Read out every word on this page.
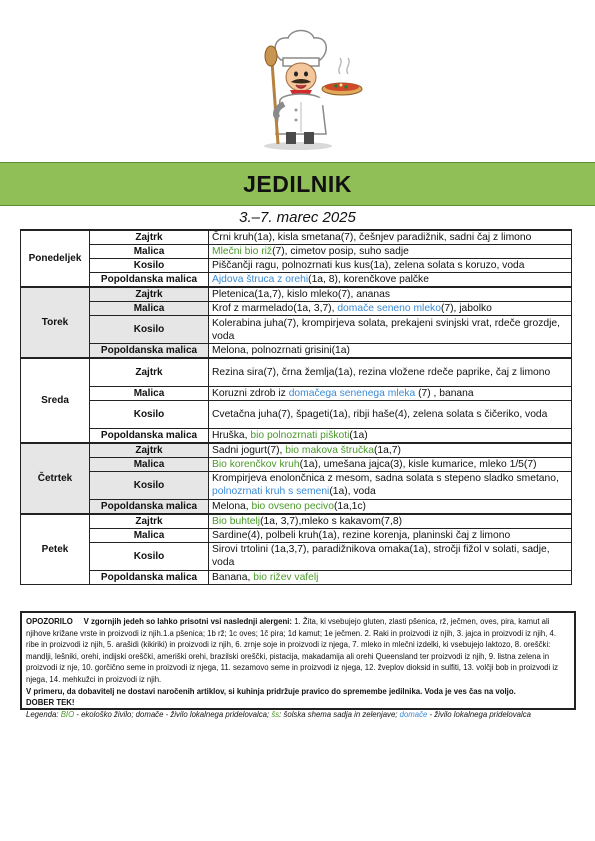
JEDILNIK
3.–7. marec 2025
Ponedeljek	Zajtrk	Črni kruh(1a), kisla smetana(7), češnjev paradižnik, sadni čaj z limono
	Malica	Mlečni bio riž(7), cimetov posip, suho sadje
	Kosilo	Piščančji ragu, polnozrnati kus kus(1a), zelena solata s koruzo, voda
	Popoldanska malica	Ajdova štruca z orehi(1a, 8), korenčkove palčke
Torek	Zajtrk	Pletenica(1a,7), kislo mleko(7), ananas
	Malica	Krof z marmelado(1a, 3,7), domače seneno mleko(7), jabolko
	Kosilo	Kolerabina juha(7), krompirjeva solata, prekajeni svinjski vrat, rdeče grozdje, voda
	Popoldanska malica	Melona, polnozrnati grisini(1a)
Sreda	Zajtrk	Rezina sira(7), črna žemlja(1a), rezina vložene rdeče paprike, čaj z limono
	Malica	Koruzni zdrob iz domačega senenega mleka (7) , banana
	Kosilo	Cvetačna juha(7), špageti(1a), ribji haše(4), zelena solata s čičeriko, voda
	Popoldanska malica	Hruška, bio polnozrnati piškoti(1a)
Četrtek	Zajtrk	Sadni jogurt(7), bio makova štručka(1a,7)
	Malica	Bio korenčkov kruh(1a), umešana jajca(3), kisle kumarice, mleko 1/5(7)
	Kosilo	Krompirjeva enolončnica z mesom, sadna solata s stepeno sladko smetano, polnozrnati kruh s semeni(1a), voda
	Popoldanska malica	Melona, bio ovseno pecivo(1a,1c)
Petek	Zajtrk	Bio buhtelj(1a, 3,7),mleko s kakavom(7,8)
	Malica	Sardine(4), polbeli kruh(1a), rezine korenja, planinski čaj z limono
	Kosilo	Sirovi trtolini (1a,3,7), paradižnikova omaka(1a), stročji fižol v solati, sadje, voda
	Popoldanska malica	Banana, bio rižev vafelj
OPOZORILO V zgornjih jedeh so lahko prisotni vsi naslednji alergeni: 1. Žita, ki vsebujejo gluten, zlasti pšenica, rž, ječmen, oves, pira, kamut ali njihove križane vrste in proizvodi iz njih.1.a pšenica; 1b rž; 1c oves; 1č pira; 1d kamut; 1e ječmen. 2. Raki in proizvodi iz njih, 3. jajca in proizvodi iz njih, 4. ribe in proizvodi iz njih, 5. arašidi (kikiriki) in proizvodi iz njih, 6. zrnje soje in proizvodi iz njega, 7. mleko in mlečni izdelki, ki vsebujejo laktozo, 8. oreščki: mandlji, lešniki, orehi, indijski oreščki, ameriški orehi, brazilski oreščki, pistacija, makadamija ali orehi Queensland ter proizvodi iz njih, 9. listna zelena in proizvodi iz nje, 10. gorčično seme in proizvodi iz njega, 11. sezamovo seme in proizvodi iz njega, 12. žveplov dioksid in sulfiti, 13. volčji bob in proizvodi iz njega, 14. mehkužci in proizvodi iz njih.
V primeru, da dobavitelj ne dostavi naročenih artiklov, si kuhinja pridržuje pravico do spremembe jedilnika. Voda je ves čas na voljo.
DOBER TEK!
Legenda: BIO - ekološko živilo; domače - živilo lokalnega pridelovalca; šs: šolska shema sadja in zelenjave; domače - živilo lokalnega pridelovalca
